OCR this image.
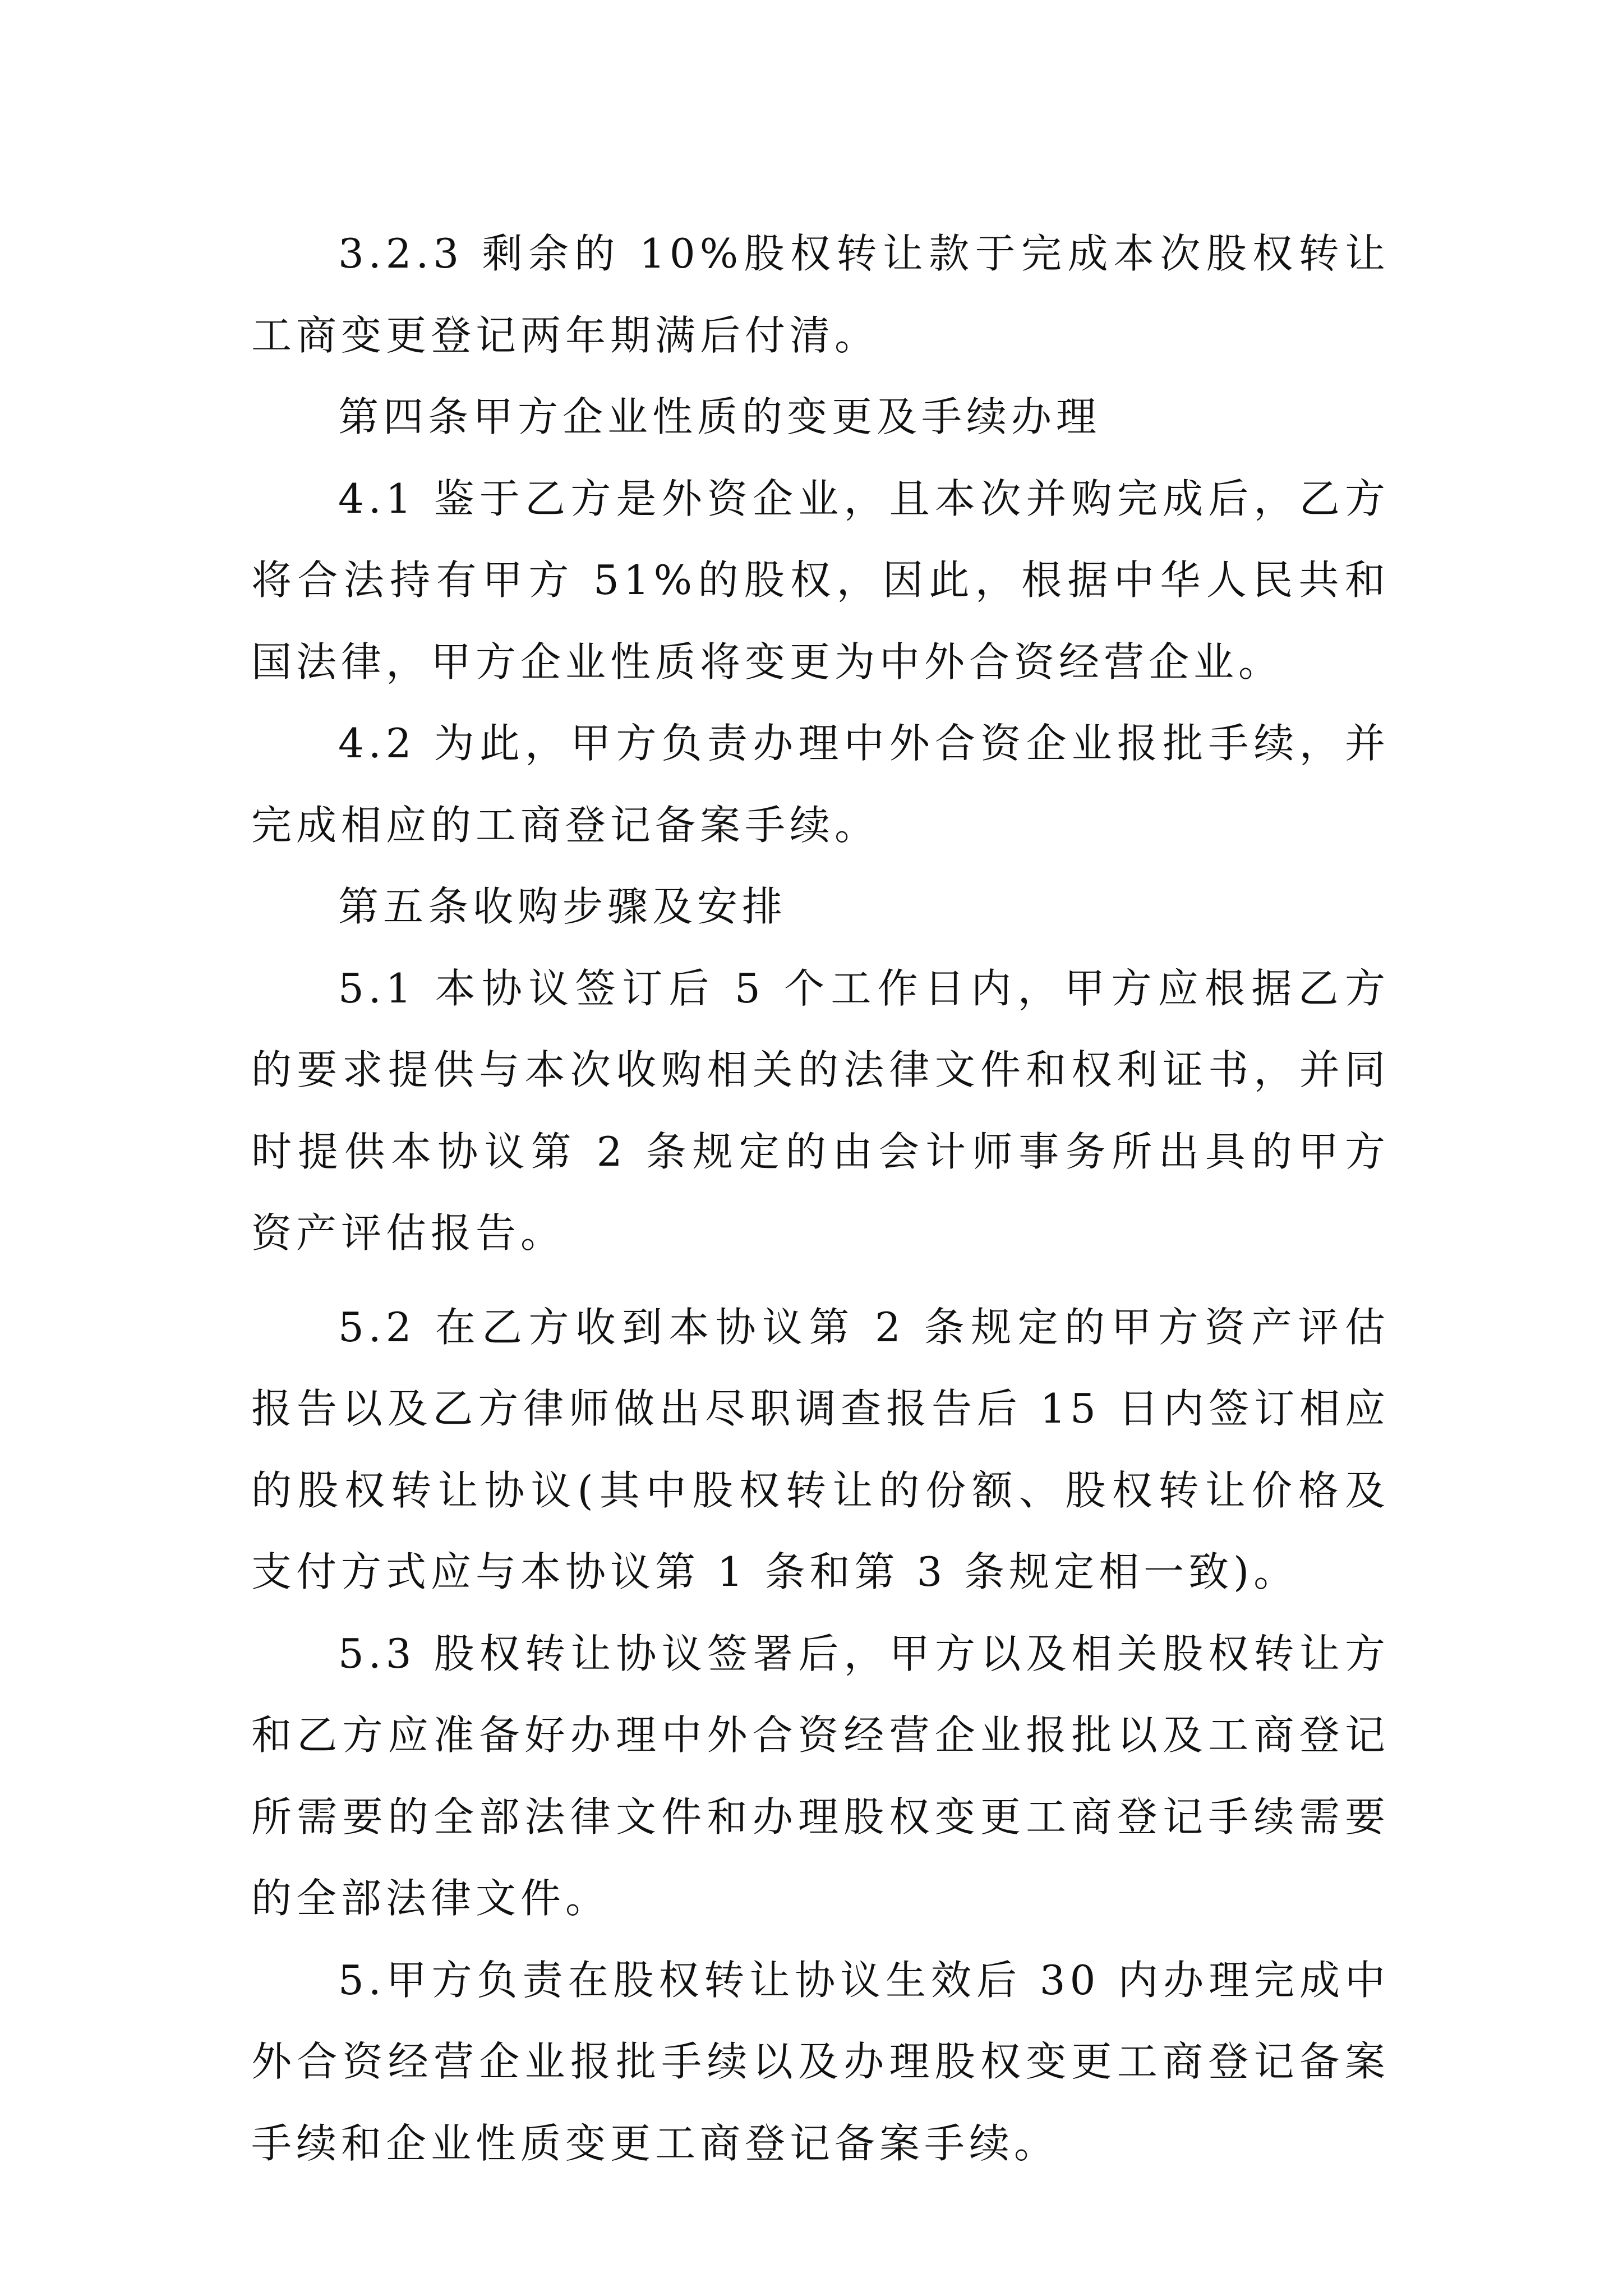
3.2.3 剩余的 10%股权转让款于完成本次股权转让工商变更登记两年期满后付清。

第四条甲方企业性质的变更及手续办理

4.1 鉴于乙方是外资企业，且本次并购完成后，乙方将合法持有甲方 51%的股权，因此，根据中华人民共和国法律，甲方企业性质将变更为中外合资经营企业。

4.2 为此，甲方负责办理中外合资企业报批手续，并完成相应的工商登记备案手续。

第五条收购步骤及安排

5.1 本协议签订后 5 个工作日内，甲方应根据乙方的要求提供与本次收购相关的法律文件和权利证书，并同时提供本协议第 2 条规定的由会计师事务所出具的甲方资产评估报告。

5.2 在乙方收到本协议第 2 条规定的甲方资产评估报告以及乙方律师做出尽职调查报告后 15 日内签订相应的股权转让协议(其中股权转让的份额、股权转让价格及支付方式应与本协议第 1 条和第 3 条规定相一致)。

5.3 股权转让协议签署后，甲方以及相关股权转让方和乙方应准备好办理中外合资经营企业报批以及工商登记所需要的全部法律文件和办理股权变更工商登记手续需要的全部法律文件。

5.甲方负责在股权转让协议生效后 30 内办理完成中外合资经营企业报批手续以及办理股权变更工商登记备案手续和企业性质变更工商登记备案手续。
